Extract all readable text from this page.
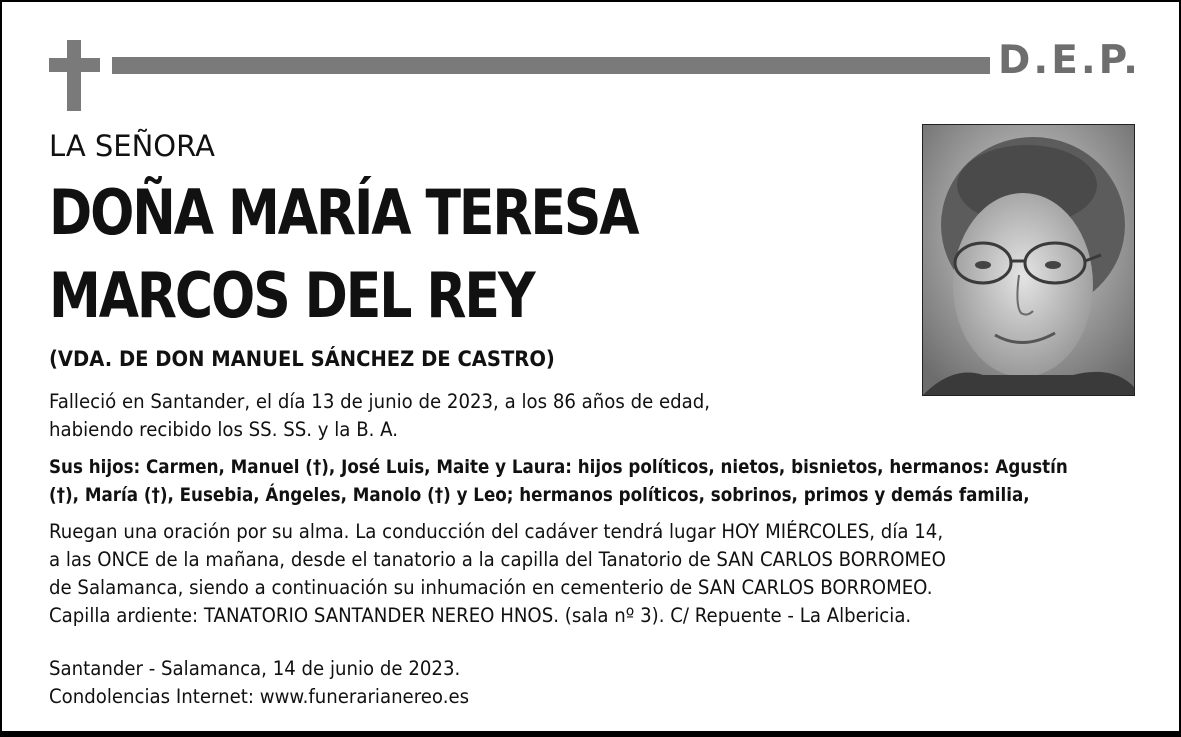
D.E.P.
LA SEÑORA
DOÑA MARÍA TERESA
MARCOS DEL REY
(VDA. DE DON MANUEL SÁNCHEZ DE CASTRO)
Falleció en Santander, el día 13 de junio de 2023, a los 86 años de edad,
habiendo recibido los SS. SS. y la B. A.
Sus hijos: Carmen, Manuel (†), José Luis, Maite y Laura: hijos políticos, nietos, bisnietos, hermanos: Agustín
(†), María (†), Eusebia, Ángeles, Manolo (†) y Leo; hermanos políticos, sobrinos, primos y demás familia,
Ruegan una oración por su alma. La conducción del cadáver tendrá lugar HOY MIÉRCOLES, día 14,
a las ONCE de la mañana, desde el tanatorio a la capilla del Tanatorio de SAN CARLOS BORROMEO
de Salamanca, siendo a continuación su inhumación en cementerio de SAN CARLOS BORROMEO.
Capilla ardiente: TANATORIO SANTANDER NEREO HNOS. (sala nº 3). C/ Repuente - La Albericia.
Santander - Salamanca, 14 de junio de 2023.
Condolencias Internet: www.funerarianereo.es
